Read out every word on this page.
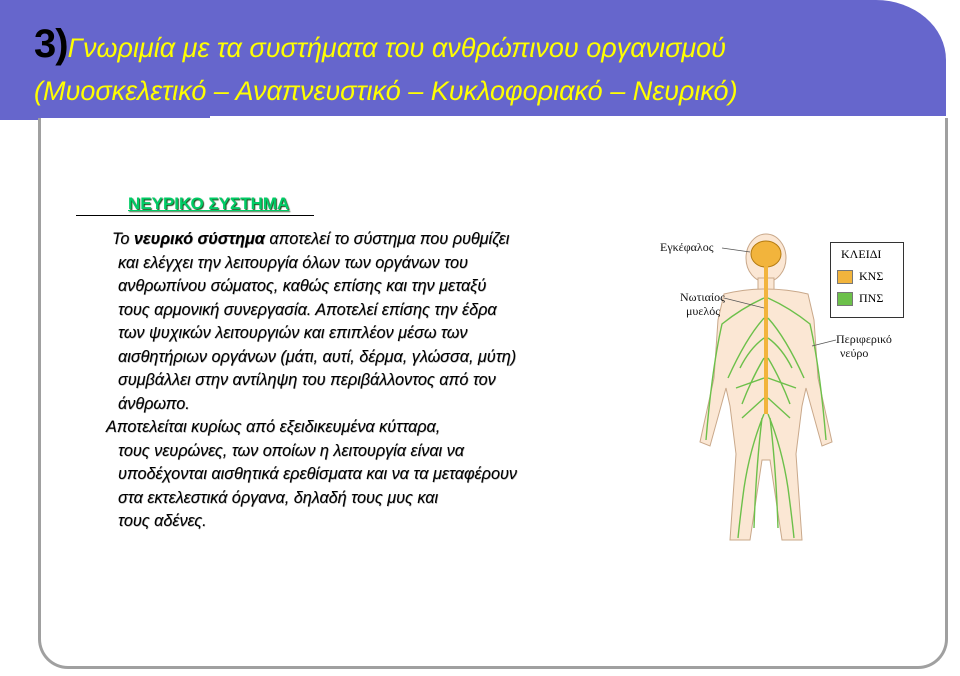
3)Γνωριμία με τα συστήματα του ανθρώπινου οργανισμού
(Μυοσκελετικό – Αναπνευστικό – Κυκλοφοριακό – Νευρικό)
ΝΕΥΡΙΚΟ ΣΥΣΤΗΜΑ

Το νευρικό σύστημα αποτελεί το σύστημα που ρυθμίζει
και ελέγχει την λειτουργία όλων των οργάνων του
ανθρωπίνου σώματος, καθώς επίσης και την μεταξύ
τους αρμονική συνεργασία. Αποτελεί επίσης την έδρα
των ψυχικών λειτουργιών και επιπλέον μέσω των
αισθητήριων οργάνων (μάτι, αυτί, δέρμα, γλώσσα, μύτη)
συμβάλλει στην αντίληψη του περιβάλλοντος από τον
άνθρωπο.

Αποτελείται κυρίως από εξειδικευμένα κύτταρα,
τους νευρώνες, των οποίων η λειτουργία είναι να
υποδέχονται αισθητικά ερεθίσματα και να τα μεταφέρουν
στα εκτελεστικά όργανα, δηλαδή τους μυς και
τους αδένες.

Εγκέφαλος
Νωτιαίος
μυελός
Περιφερικό
νεύρο
ΚΛΕΙΔΙ
ΚΝΣ
ΠΝΣ
